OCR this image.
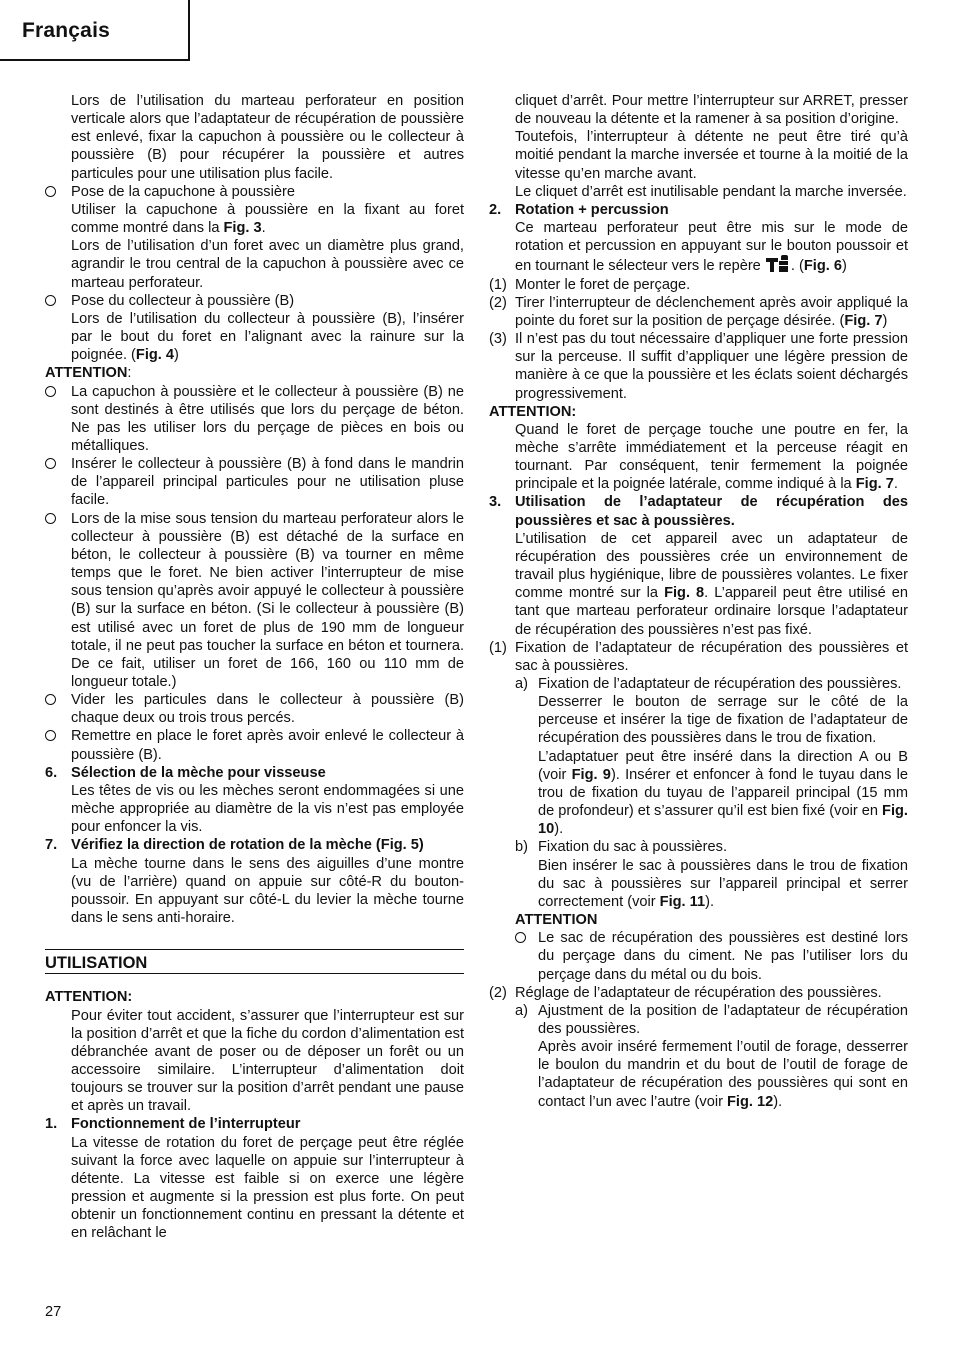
Français

Lors de l’utilisation du marteau perforateur en position verticale alors que l’adaptateur de récupération de poussière est enlevé, fixar la capuchon à poussière ou le collecteur à poussière (B) pour récupérer la poussière et autres particules pour une utilisation plus facile.

Pose de la capuchone à poussière

Utiliser la capuchone à poussière en la fixant au foret comme montré dans la Fig. 3.

Lors de l’utilisation d’un foret avec un diamètre plus grand, agrandir le trou central de la capuchon à poussière avec ce marteau perforateur.

Pose du collecteur à poussière (B)

Lors de l’utilisation du collecteur à poussière (B), l’insérer par le bout du foret en l’alignant avec la rainure sur la poignée. (Fig. 4)

ATTENTION:

La capuchon à poussière et le collecteur à poussière (B) ne sont destinés à être utilisés que lors du perçage de béton. Ne pas les utiliser lors du perçage de pièces en bois ou métalliques.
Insérer le collecteur à poussière (B) à fond dans le mandrin de l’appareil principal particules pour ne utilisation pluse facile.
Lors de la mise sous tension du marteau perforateur alors le collecteur à poussière (B) est détaché de la surface en béton, le collecteur à poussière (B) va tourner en même temps que le foret. Ne bien activer l’interrupteur de mise sous tension qu’après avoir appuyé le collecteur à poussière (B) sur la surface en béton. (Si le collecteur à poussière (B) est utilisé avec un foret de plus de 190 mm de longueur totale, il ne peut pas toucher la surface en béton et tournera. De ce fait, utiliser un foret de 166, 160 ou 110 mm de longueur totale.)
Vider les particules dans le collecteur à poussière (B) chaque deux ou trois trous percés.
Remettre en place le foret après avoir enlevé le collecteur à poussière (B).
6. Sélection de la mèche pour visseuse

Les têtes de vis ou les mèches seront endommagées si une mèche appropriée au diamètre de la vis n’est pas employée pour enfoncer la vis.

7. Vérifiez la direction de rotation de la mèche (Fig. 5)

La mèche tourne dans le sens des aiguilles d’une montre (vu de l’arrière) quand on appuie sur côté-R du bouton-poussoir. En appuyant sur côté-L du levier la mèche tourne dans le sens anti-horaire.

UTILISATION

ATTENTION:

Pour éviter tout accident, s’assurer que l’interrupteur est sur la position d’arrêt et que la fiche du cordon d’alimentation est débranchée avant de poser ou de déposer un forêt ou un accessoire similaire. L’interrupteur d’alimentation doit toujours se trouver sur la position d’arrêt pendant une pause et après un travail.

1. Fonctionnement de l’interrupteur

La vitesse de rotation du foret de perçage peut être réglée suivant la force avec laquelle on appuie sur l’interrupteur à détente. La vitesse est faible si on exerce une légère pression et augmente si la pression est plus forte. On peut obtenir un fonctionnement continu en pressant la détente et en relâchant le

cliquet d’arrêt. Pour mettre l’interrupteur sur ARRET, presser de nouveau la détente et la ramener à sa position d’origine.

Toutefois, l’interrupteur à détente ne peut être tiré qu’à moitié pendant la marche inversée et tourne à la moitié de la vitesse qu’en marche avant.

Le cliquet d’arrêt est inutilisable pendant la marche inversée.

2. Rotation + percussion

Ce marteau perforateur peut être mis sur le mode de rotation et percussion en appuyant sur le bouton poussoir et en tournant le sélecteur vers le repère . (Fig. 6)

(1) Monter le foret de perçage.
(2) Tirer l’interrupteur de déclenchement après avoir appliqué la pointe du foret sur la position de perçage désirée. (Fig. 7)
(3) Il n’est pas du tout nécessaire d’appliquer une forte pression sur la perceuse. Il suffit d’appliquer une légère pression de manière à ce que la poussière et les éclats soient déchargés progressivement.

ATTENTION:

Quand le foret de perçage touche une poutre en fer, la mèche s’arrête immédiatement et la perceuse réagit en tournant. Par conséquent, tenir fermement la poignée principale et la poignée latérale, comme indiqué à la Fig. 7.

3. Utilisation de l’adaptateur de récupération des poussières et sac à poussières.

L’utilisation de cet appareil avec un adaptateur de récupération des poussières crée un environnement de travail plus hygiénique, libre de poussières volantes. Le fixer comme montré sur la Fig. 8. L’appareil peut être utilisé en tant que marteau perforateur ordinaire lorsque l’adaptateur de récupération des poussières n’est pas fixé.

(1) Fixation de l’adaptateur de récupération des poussières et sac à poussières.
a) Fixation de l’adaptateur de récupération des poussières.

Desserrer le bouton de serrage sur le côté de la perceuse et insérer la tige de fixation de l’adaptateur de récupération des poussières dans le trou de fixation.

L’adaptatuer peut être inséré dans la direction A ou B (voir Fig. 9). Insérer et enfoncer à fond le tuyau dans le trou de fixation du tuyau de l’appareil principal (15 mm de profondeur) et s’assurer qu’il est bien fixé (voir en Fig. 10).

b) Fixation du sac à poussières.

Bien insérer le sac à poussières dans le trou de fixation du sac à poussières sur l’appareil principal et serrer correctement (voir Fig. 11).

ATTENTION

Le sac de récupération des poussières est destiné lors du perçage dans du ciment. Ne pas l’utiliser lors du perçage dans du métal ou du bois.
(2) Réglage de l’adaptateur de récupération des poussières.
a) Ajustment de la position de l’adaptateur de récupération des poussières.

Après avoir inséré fermement l’outil de forage, desserrer le boulon du mandrin et du bout de l’outil de forage de l’adaptateur de récupération des poussières qui sont en contact l’un avec l’autre (voir Fig. 12).

27
